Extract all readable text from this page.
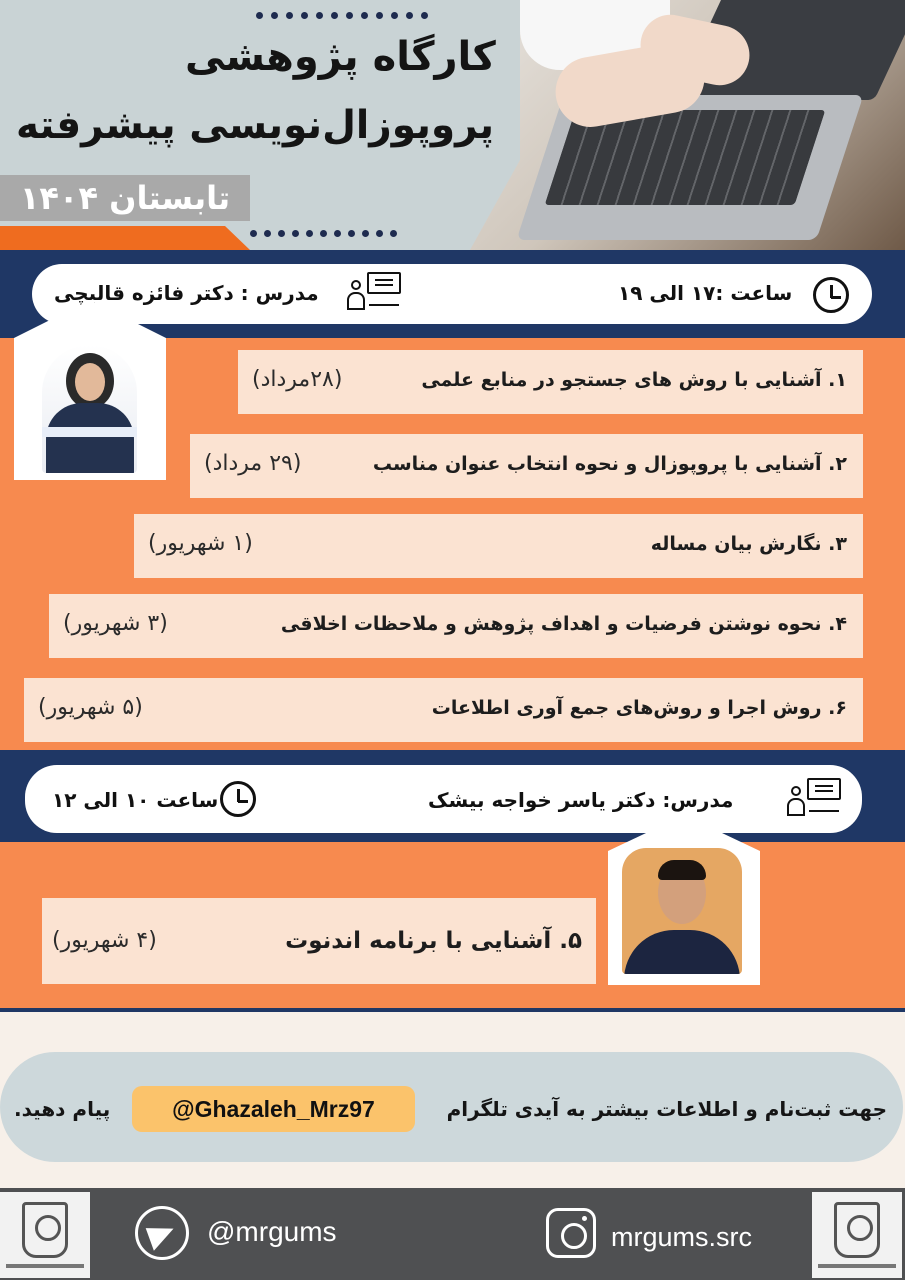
کارگاه پژوهشی
پروپوزال‌نویسی پیشرفته
تابستان ۱۴۰۴
مدرس : دکتر فائزه قالیچی	ساعت :۱۷ الی ۱۹
۱. آشنایی با روش های جستجو در منابع علمی
(۲۸مرداد)
۲. آشنایی با پروپوزال و نحوه انتخاب عنوان مناسب
(۲۹ مرداد)
۳. نگارش بیان مساله
(۱ شهریور)
۴. نحوه نوشتن فرضیات و اهداف پژوهش و ملاحظات اخلاقی
(۳ شهریور)
۶. روش اجرا و روش‌های جمع آوری اطلاعات
(۵ شهریور)
ساعت ۱۰ الی ۱۲	مدرس: دکتر یاسر خواجه بیشک
۵. آشنایی با برنامه اندنوت
(۴ شهریور)
جهت ثبت‌نام و اطلاعات بیشتر به آیدی تلگرام
@Ghazaleh_Mrz97
پیام دهید.
@mrgums	mrgums.src
